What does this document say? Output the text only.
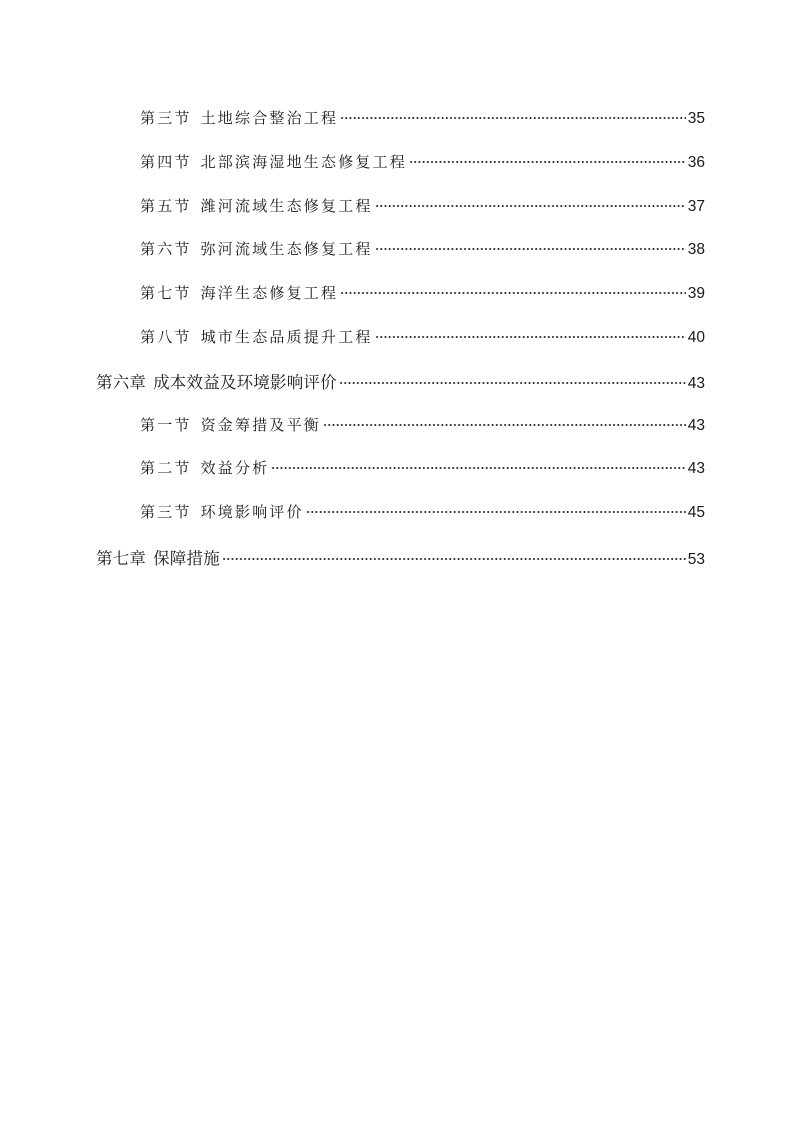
第三节 土地综合整治工程	35
第四节 北部滨海湿地生态修复工程	36
第五节 潍河流域生态修复工程	37
第六节 弥河流域生态修复工程	38
第七节 海洋生态修复工程	39
第八节 城市生态品质提升工程	40
第六章 成本效益及环境影响评价	43
第一节 资金筹措及平衡	43
第二节 效益分析	43
第三节 环境影响评价	45
第七章 保障措施	53
